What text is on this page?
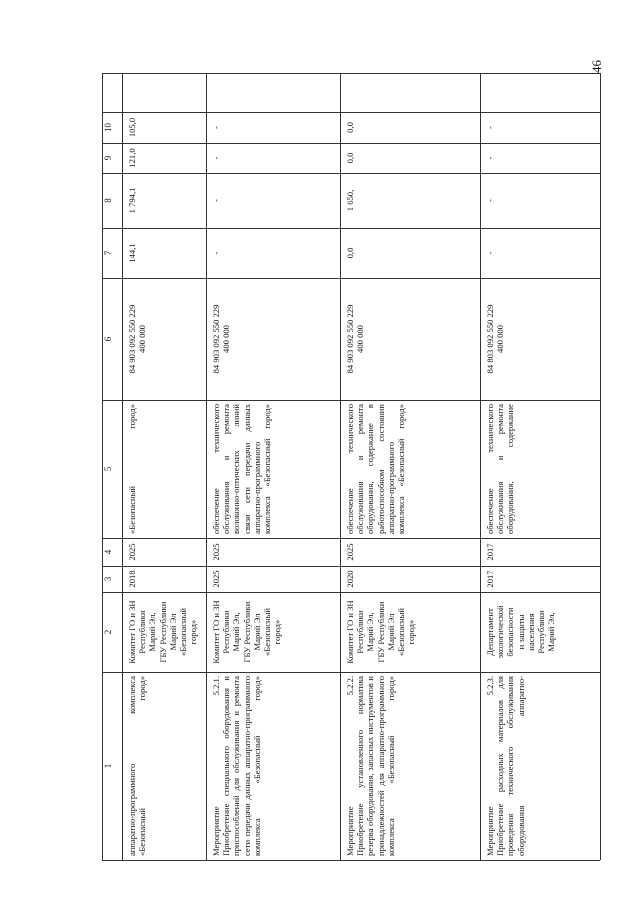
46
1
2
3
4
5
6
7
8
9
10
аппаратно-программного комплекса «Безопасный город»
Комитет ГО и ЗН
Республики
Марий Эл,
ГБУ Республики
Марий Эл
«Безопасный город»
2018
2025
«Безопасный город»
84 903 092 550 229
400 000
144,1
1 794,1
121,0
105,0
Мероприятие 5.2.1.
Приобретение специального оборудования и приспособлений для обслуживания и ремонта сети передачи данных аппаратно-программного комплекса «Безопасный город»
Комитет ГО и ЗН
Республики
Марий Эл,
ГБУ Республики
Марий Эл
«Безопасный город»
2025
2025
обеспечение технического обслуживания и ремонта волоконно-оптических линий связи сети передачи данных аппаратно-программного комплекса «Безопасный город»
84 903 092 550 229
400 000
-
-
-
-
Мероприятие 5.2.2.
Приобретение установленного норматива резерва оборудования, запасных инструментов и принадлежностей для аппаратно-программного комплекса «Безопасный город»
Комитет ГО и ЗН
Республики
Марий Эл,
ГБУ Республики
Марий Эл
«Безопасный город»
2020
2025
обеспечение технического обслуживания и ремонта оборудования, содержание в работоспособном состоянии аппаратно-программного комплекса «Безопасный город»
84 903 092 550 229
400 000
0,0
1 650,
0,0
0,0
Мероприятие 5.2.3.
Приобретение расходных материалов для проведения технического обслуживания оборудования аппаратно-
Департамент
экологической
безопасности
и защиты населения
Республики
Марий Эл,
2017
2017
обеспечение технического обслуживания и ремонта оборудования, содержание
84 803 092 550 229
400 000
-
-
-
-
